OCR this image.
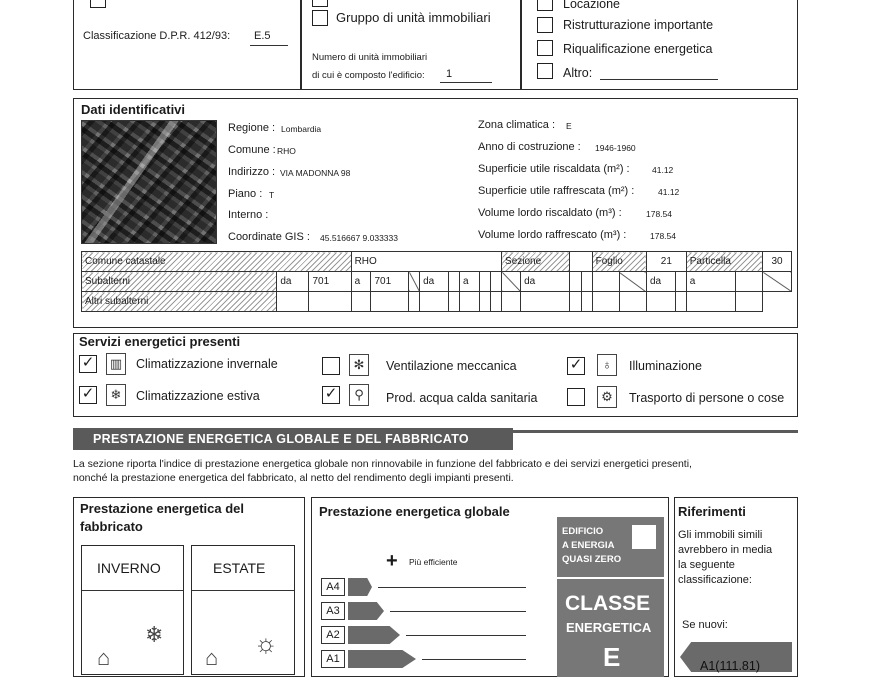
Classificazione D.P.R. 412/93: E.5
Gruppo di unità immobiliari
Numero di unità immobiliari
di cui è composto l'edificio: 1
Locazione
Ristrutturazione importante
Riqualificazione energetica
Altro:
Dati identificativi
Regione : Lombardia
Comune : RHO
Indirizzo : VIA MADONNA 98
Piano : T
Interno :
Coordinate GIS : 45.516667 9.033333
Zona climatica : E
Anno di costruzione : 1946-1960
Superficie utile riscaldata (m²) :	41.12
Superficie utile raffrescata (m²) :	41.12
Volume lordo riscaldato (m³) :	178.54
Volume lordo raffrescato (m³) :	178.54
Comune catastale			RHO								Sezione				Foglio		21		Particella		30
Subalterni	da	701	a	701		da		a				da					da		a		
Altri subalterni																					
Servizi energetici presenti
✓ ▥	Climatizzazione invernale
✓	❄	Climatizzazione estiva
✻	Ventilazione meccanica
✓	⚲	Prod. acqua calda sanitaria
✓	♁	Illuminazione
⚙	Trasporto di persone o cose
PRESTAZIONE ENERGETICA GLOBALE E DEL FABBRICATO
La sezione riporta l'indice di prestazione energetica globale non rinnovabile in funzione del fabbricato e dei servizi energetici presenti,
nonché la prestazione energetica del fabbricato, al netto del rendimento degli impianti presenti.
Prestazione energetica del
fabbricato
INVERNO	ESTATE
❄
⌂	☼
⌂
Prestazione energetica globale
+ Più efficiente
A4
A3
A2
A1
EDIFICIO
A ENERGIA
QUASI ZERO
CLASSE
ENERGETICA
E
Riferimenti
Gli immobili simili
avrebbero in media
la seguente
classificazione:
Se nuovi:
A1(111.81)
